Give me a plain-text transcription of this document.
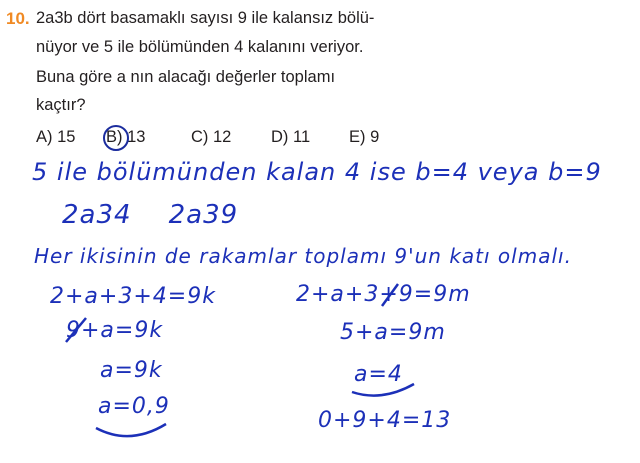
10. 2a3b dört basamaklı sayısı 9 ile kalansız bölü-
nüyor ve 5 ile bölümünden 4 kalanını veriyor.
Buna göre a nın alacağı değerler toplamı
kaçtır?
A) 15 B) 13	C) 12 D) 11 E) 9
5 ile bölümünden kalan 4 ise b=4 veya b=9
2a34    2a39
Her ikisinin de rakamlar toplamı 9'un katı olmalı.
2+a+3+4=9k	2+a+3+9=9m
9+a=9k	5+a=9m
a=9k	a=4
a=0,9
0+9+4=13
